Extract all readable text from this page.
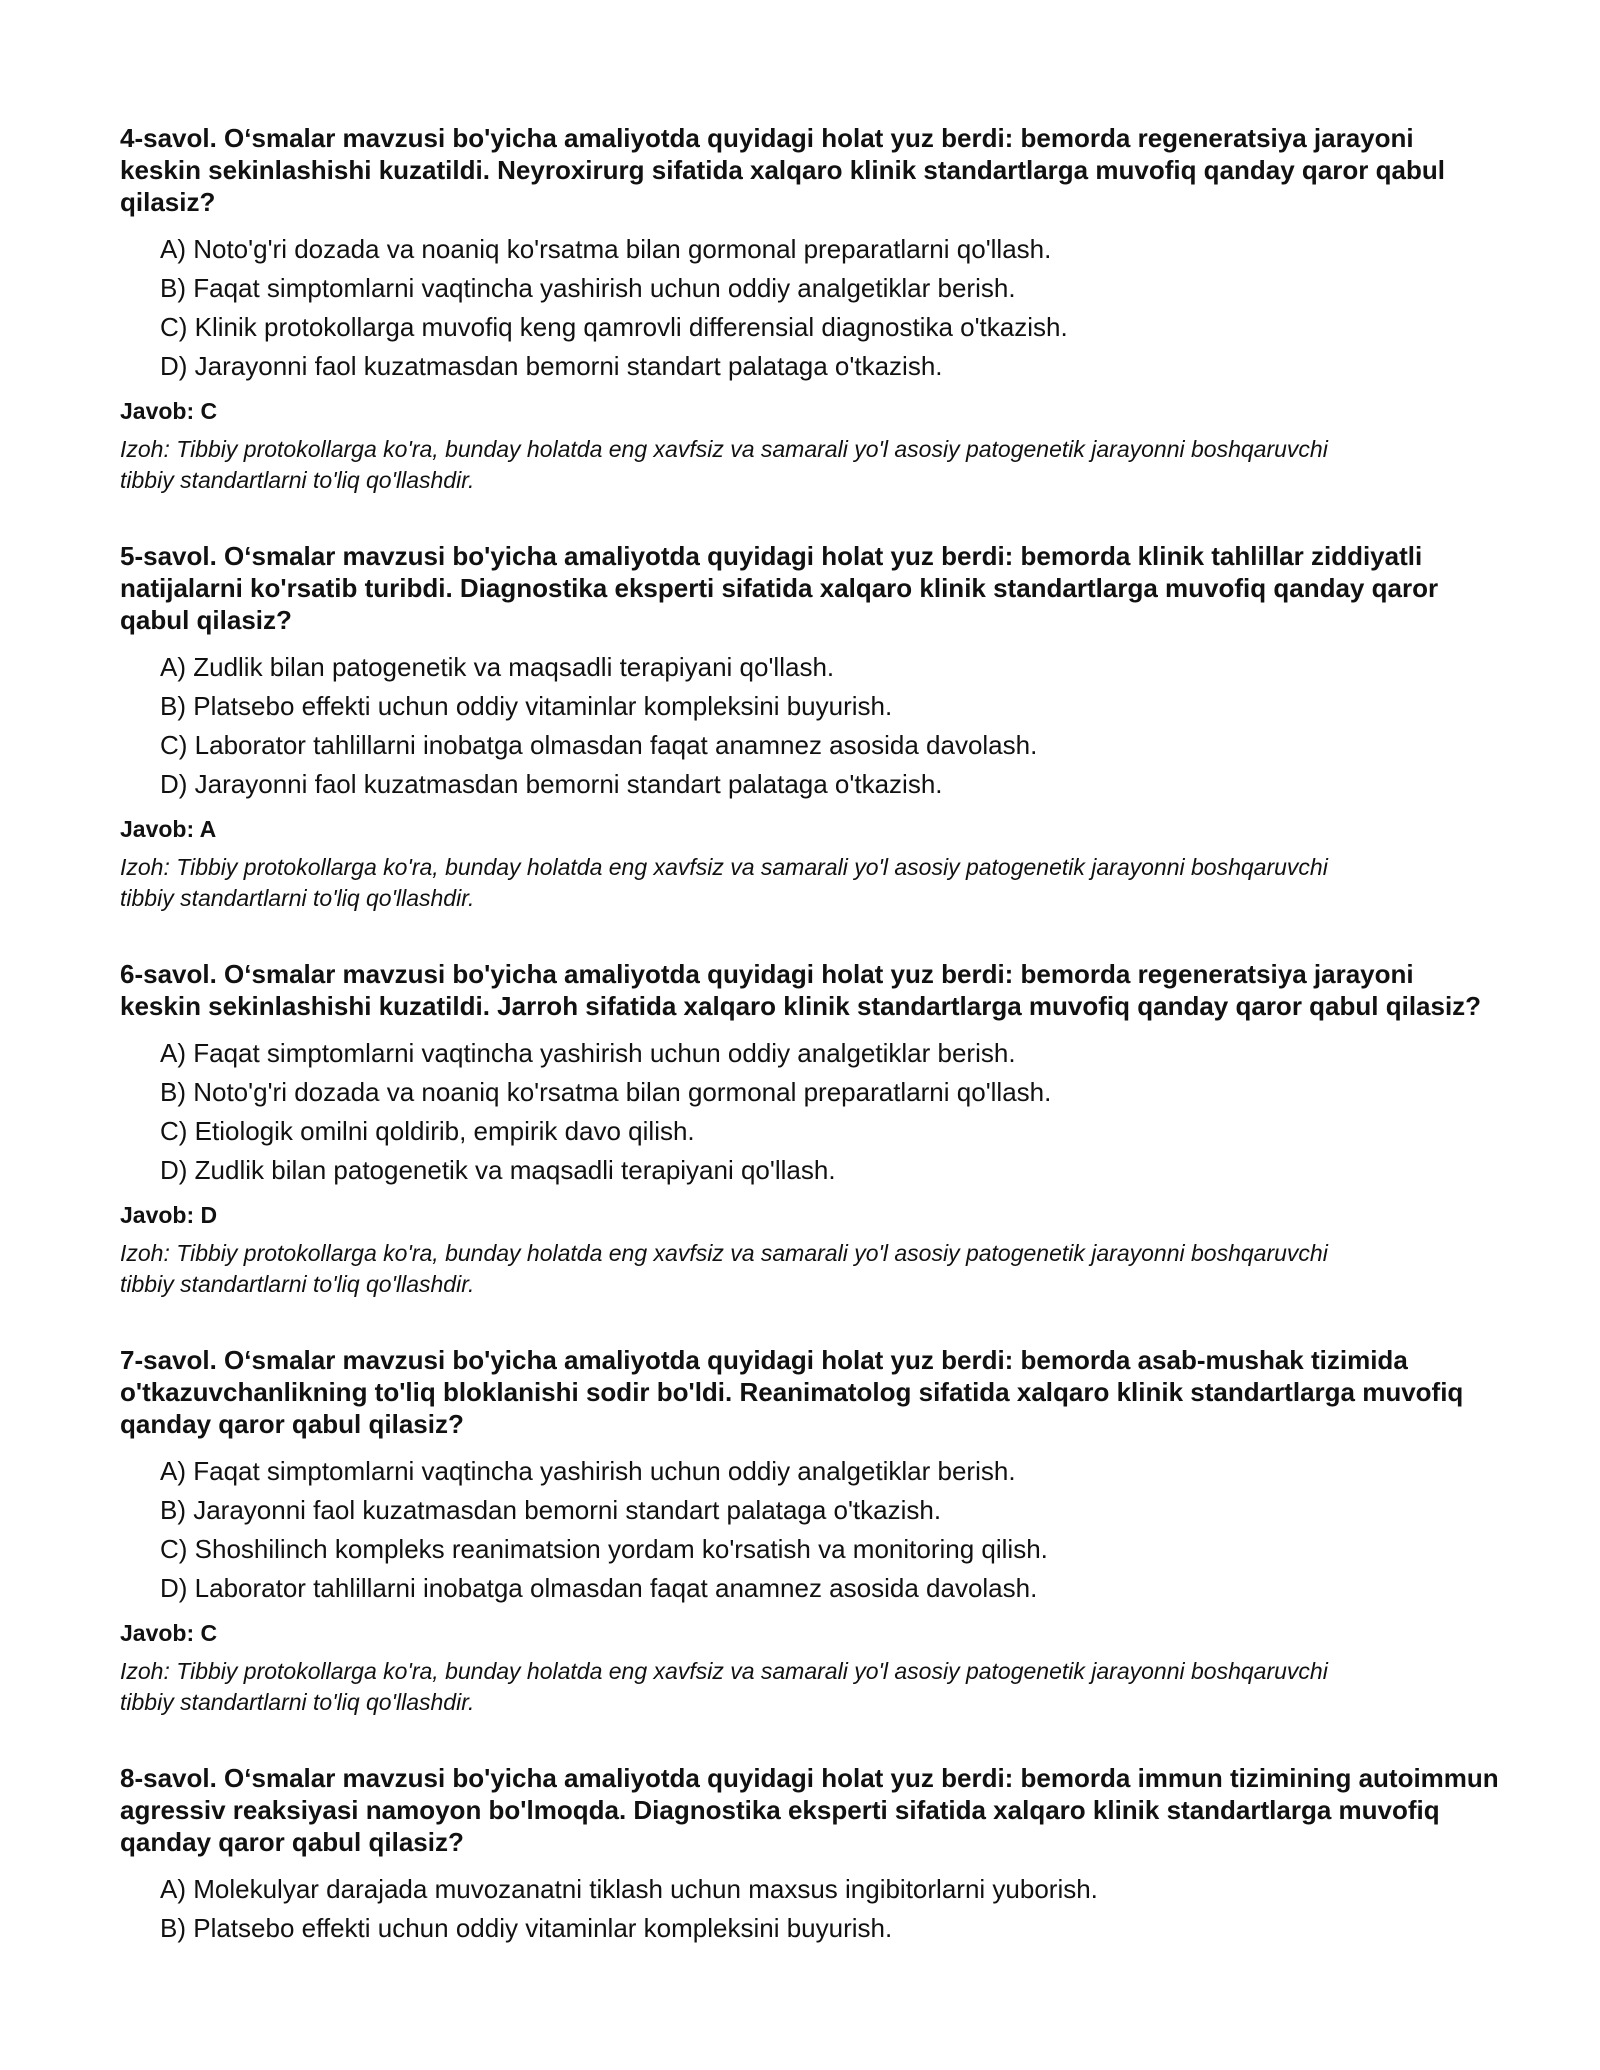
4-savol. O‘smalar mavzusi bo'yicha amaliyotda quyidagi holat yuz berdi: bemorda regeneratsiya jarayoni keskin sekinlashishi kuzatildi. Neyroxirurg sifatida xalqaro klinik standartlarga muvofiq qanday qaror qabul qilasiz?

A) Noto'g'ri dozada va noaniq ko'rsatma bilan gormonal preparatlarni qo'llash.
B) Faqat simptomlarni vaqtincha yashirish uchun oddiy analgetiklar berish.
C) Klinik protokollarga muvofiq keng qamrovli differensial diagnostika o'tkazish.
D) Jarayonni faol kuzatmasdan bemorni standart palataga o'tkazish.

Javob: C

Izoh: Tibbiy protokollarga ko'ra, bunday holatda eng xavfsiz va samarali yo'l asosiy patogenetik jarayonni boshqaruvchi tibbiy standartlarni to'liq qo'llashdir.

5-savol. O‘smalar mavzusi bo'yicha amaliyotda quyidagi holat yuz berdi: bemorda klinik tahlillar ziddiyatli natijalarni ko'rsatib turibdi. Diagnostika eksperti sifatida xalqaro klinik standartlarga muvofiq qanday qaror qabul qilasiz?

A) Zudlik bilan patogenetik va maqsadli terapiyani qo'llash.
B) Platsebo effekti uchun oddiy vitaminlar kompleksini buyurish.
C) Laborator tahlillarni inobatga olmasdan faqat anamnez asosida davolash.
D) Jarayonni faol kuzatmasdan bemorni standart palataga o'tkazish.

Javob: A

Izoh: Tibbiy protokollarga ko'ra, bunday holatda eng xavfsiz va samarali yo'l asosiy patogenetik jarayonni boshqaruvchi tibbiy standartlarni to'liq qo'llashdir.

6-savol. O‘smalar mavzusi bo'yicha amaliyotda quyidagi holat yuz berdi: bemorda regeneratsiya jarayoni keskin sekinlashishi kuzatildi. Jarroh sifatida xalqaro klinik standartlarga muvofiq qanday qaror qabul qilasiz?

A) Faqat simptomlarni vaqtincha yashirish uchun oddiy analgetiklar berish.
B) Noto'g'ri dozada va noaniq ko'rsatma bilan gormonal preparatlarni qo'llash.
C) Etiologik omilni qoldirib, empirik davo qilish.
D) Zudlik bilan patogenetik va maqsadli terapiyani qo'llash.

Javob: D

Izoh: Tibbiy protokollarga ko'ra, bunday holatda eng xavfsiz va samarali yo'l asosiy patogenetik jarayonni boshqaruvchi tibbiy standartlarni to'liq qo'llashdir.

7-savol. O‘smalar mavzusi bo'yicha amaliyotda quyidagi holat yuz berdi: bemorda asab-mushak tizimida o'tkazuvchanlikning to'liq bloklanishi sodir bo'ldi. Reanimatolog sifatida xalqaro klinik standartlarga muvofiq qanday qaror qabul qilasiz?

A) Faqat simptomlarni vaqtincha yashirish uchun oddiy analgetiklar berish.
B) Jarayonni faol kuzatmasdan bemorni standart palataga o'tkazish.
C) Shoshilinch kompleks reanimatsion yordam ko'rsatish va monitoring qilish.
D) Laborator tahlillarni inobatga olmasdan faqat anamnez asosida davolash.

Javob: C

Izoh: Tibbiy protokollarga ko'ra, bunday holatda eng xavfsiz va samarali yo'l asosiy patogenetik jarayonni boshqaruvchi tibbiy standartlarni to'liq qo'llashdir.

8-savol. O‘smalar mavzusi bo'yicha amaliyotda quyidagi holat yuz berdi: bemorda immun tizimining autoimmun agressiv reaksiyasi namoyon bo'lmoqda. Diagnostika eksperti sifatida xalqaro klinik standartlarga muvofiq qanday qaror qabul qilasiz?

A) Molekulyar darajada muvozanatni tiklash uchun maxsus ingibitorlarni yuborish.
B) Platsebo effekti uchun oddiy vitaminlar kompleksini buyurish.
